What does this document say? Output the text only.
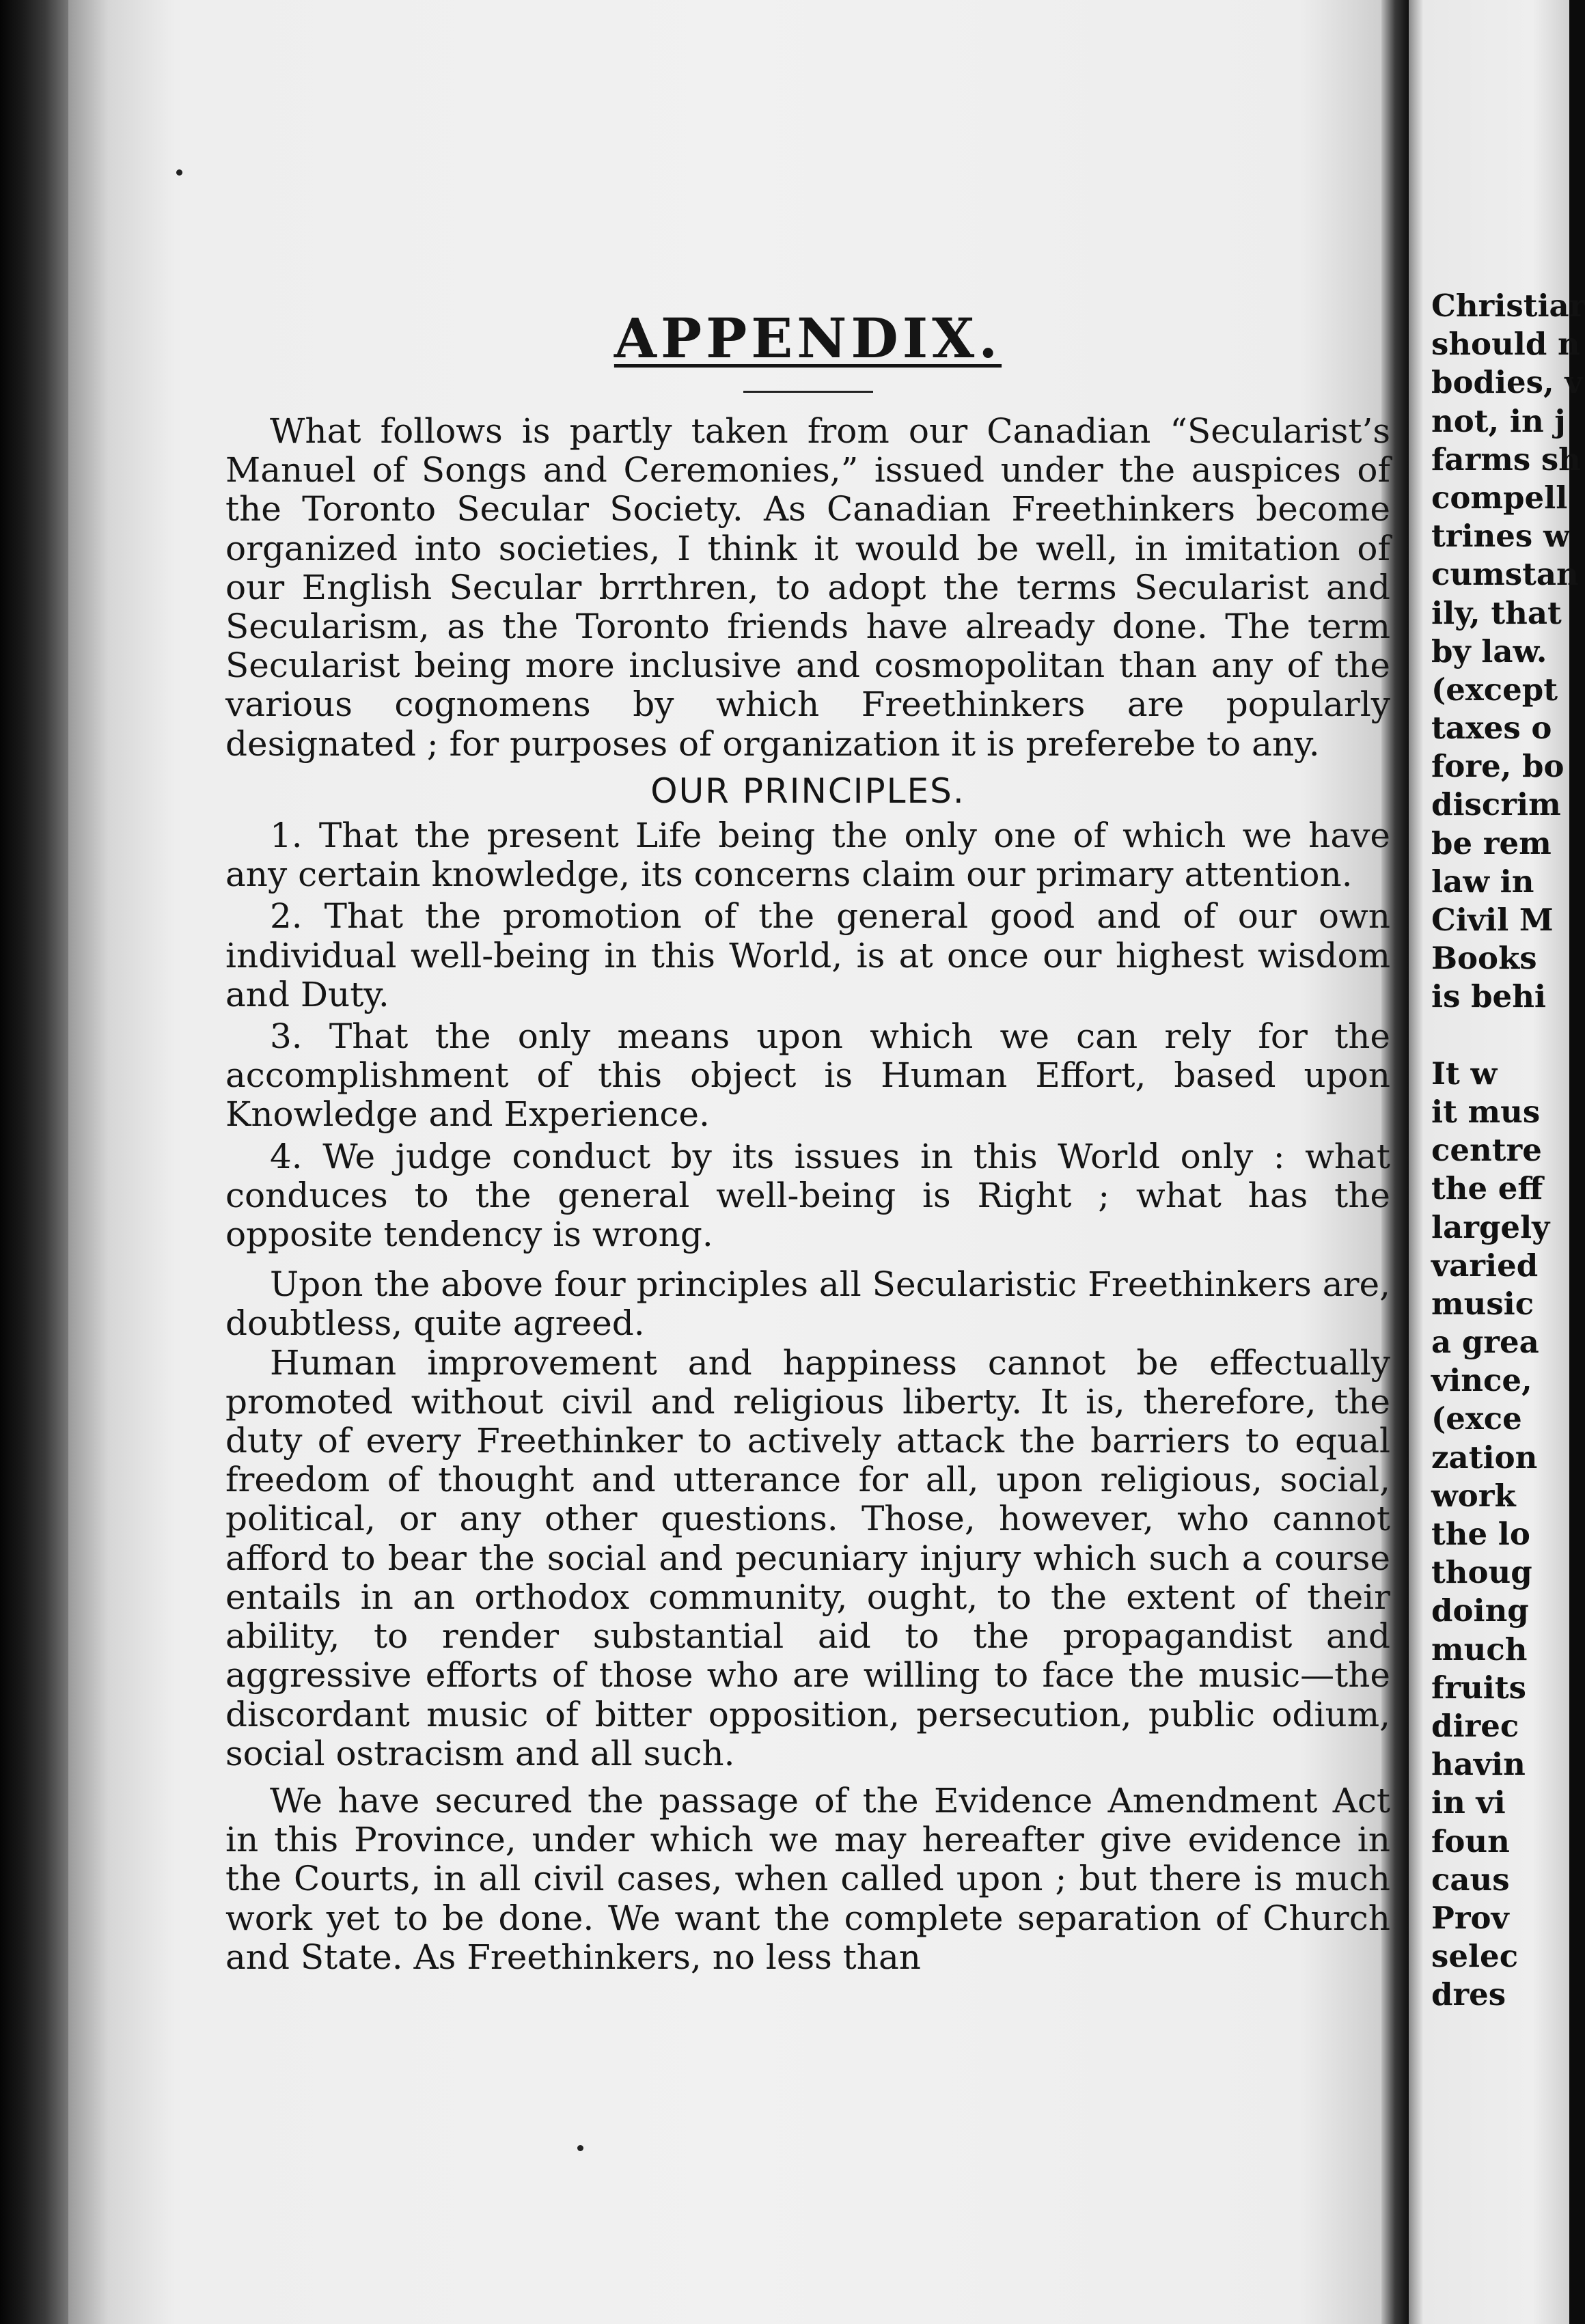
APPENDIX.

What follows is partly taken from our Canadian “Secularist’s Manuel of Songs and Ceremonies,” issued under the auspices of the Toronto Secular Society. As Canadian Freethinkers become organized into societies, I think it would be well, in imitation of our English Secular brrthren, to adopt the terms Secularist and Secularism, as the Toronto friends have already done. The term Secularist being more inclusive and cosmopolitan than any of the various cognomens by which Freethinkers are popularly designated ; for purposes of organization it is preferebe to any.

OUR PRINCIPLES.

1. That the present Life being the only one of which we have any certain knowledge, its concerns claim our primary attention.

2. That the promotion of the general good and of our own individual well-being in this World, is at once our highest wisdom and Duty.

3. That the only means upon which we can rely for the accomplishment of this object is Human Effort, based upon Knowledge and Experience.

4. We judge conduct by its issues in this World only : what conduces to the general well-being is Right ; what has the opposite tendency is wrong.

Upon the above four principles all Secularistic Freethinkers are, doubtless, quite agreed.

Human improvement and happiness cannot be effectually promoted without civil and religious liberty. It is, therefore, the duty of every Freethinker to actively attack the barriers to equal freedom of thought and utterance for all, upon religious, social, political, or any other questions. Those, however, who cannot afford to bear the social and pecuniary injury which such a course entails in an orthodox community, ought, to the extent of their ability, to render substantial aid to the propagandist and aggressive efforts of those who are willing to face the music—the discordant music of bitter opposition, persecution, public odium, social ostracism and all such.

We have secured the passage of the Evidence Amendment Act in this Province, under which we may hereafter give evidence in the Courts, in all civil cases, when called upon ; but there is much work yet to be done. We want the complete separation of Church and State. As Freethinkers, no less than

Christiar
should n
bodies, v
not, in j
farms sh
compell
trines w
cumstan
ily, that
by law.
(except
taxes o
fore, bo
discrim
be rem
law in
Civil M
Books
is behi
It w
it mus
centre
the eff
largely
varied
music
a grea
vince,
(exce
zation
work
the lo
thoug
doing
much
fruits
direc
havin
in vi
foun
caus
Prov
selec
dres
